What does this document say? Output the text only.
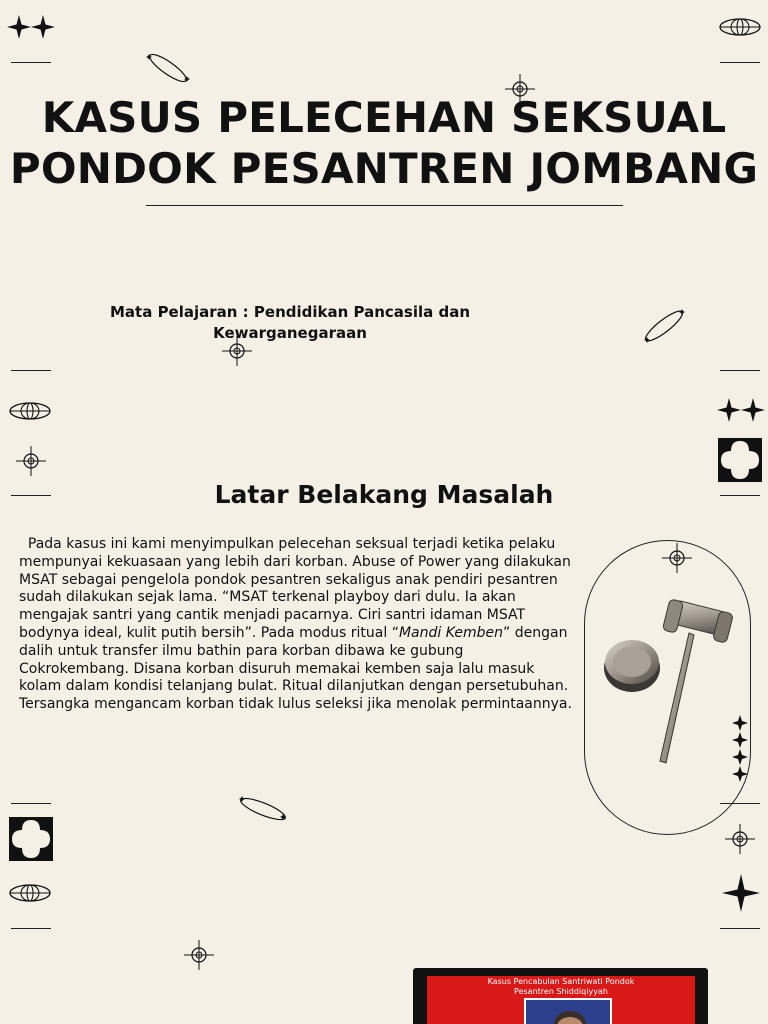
KASUS PELECEHAN SEKSUAL
PONDOK PESANTREN JOMBANG
Mata Pelajaran : Pendidikan Pancasila dan
Kewarganegaraan
Latar Belakang Masalah

Pada kasus ini kami menyimpulkan pelecehan seksual terjadi ketika pelaku mempunyai kekuasaan yang lebih dari korban. Abuse of Power yang dilakukan MSAT sebagai pengelola pondok pesantren sekaligus anak pendiri pesantren sudah dilakukan sejak lama. “MSAT terkenal playboy dari dulu. Ia akan mengajak santri yang cantik menjadi pacarnya. Ciri santri idaman MSAT bodynya ideal, kulit putih bersih”. Pada modus ritual “Mandi Kemben” dengan dalih untuk transfer ilmu bathin para korban dibawa ke gubung Cokrokembang. Disana korban disuruh memakai kemben saja lalu masuk kolam dalam kondisi telanjang bulat. Ritual dilanjutkan dengan persetubuhan. Tersangka mengancam korban tidak lulus seleksi jika menolak permintaannya.

Kasus Pencabulan Santriwati Pondok
Pesantren Shiddiqiyyah
